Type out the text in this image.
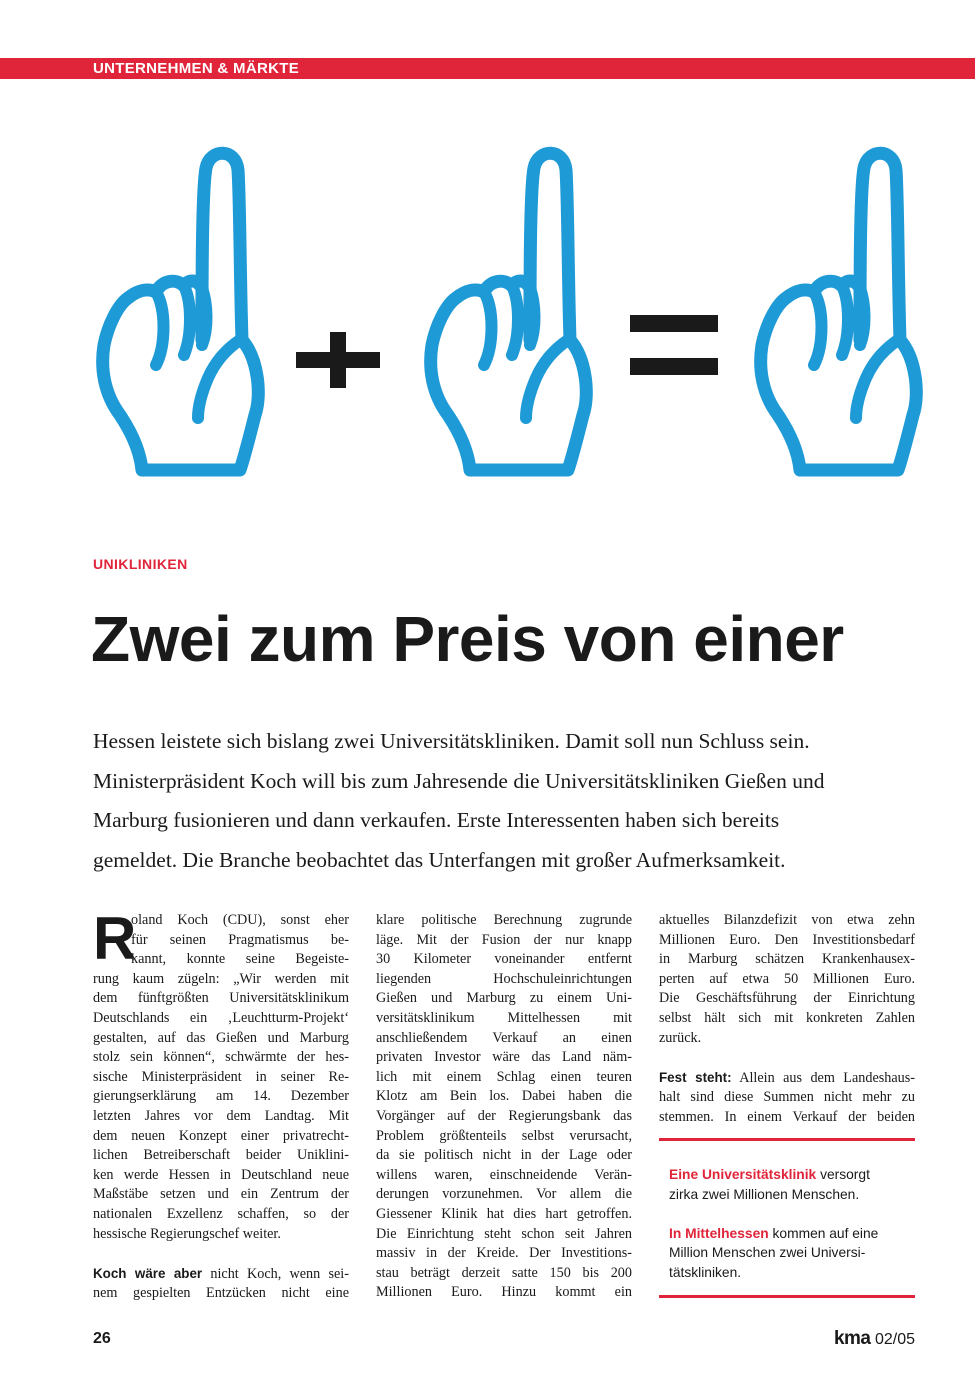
UNTERNEHMEN & MÄRKTE
UNIKLINIKEN
Zwei zum Preis von einer

Hessen leistete sich bislang zwei Universitätskliniken. Damit soll nun Schluss sein.

Ministerpräsident Koch will bis zum Jahresende die Universitätskliniken Gießen und

Marburg fusionieren und dann verkaufen. Erste Interessenten haben sich bereits

gemeldet. Die Branche beobachtet das Unterfangen mit großer Aufmerksamkeit.

R

oland Koch (CDU), sonst eher

für seinen Pragmatismus be-

kannt, konnte seine Begeiste-

rung kaum zügeln: „Wir werden mit

dem fünftgrößten Universitätsklinikum

Deutschlands ein ‚Leuchtturm-Projekt‘

gestalten, auf das Gießen und Marburg

stolz sein können“, schwärmte der hes-

sische Ministerpräsident in seiner Re-

gierungserklärung am 14. Dezember

letzten Jahres vor dem Landtag. Mit

dem neuen Konzept einer privatrecht-

lichen Betreiberschaft beider Uniklini-

ken werde Hessen in Deutschland neue

Maßstäbe setzen und ein Zentrum der

nationalen Exzellenz schaffen, so der

hessische Regierungschef weiter.

Koch wäre aber nicht Koch, wenn sei-

nem gespielten Entzücken nicht eine

klare politische Berechnung zugrunde

läge. Mit der Fusion der nur knapp

30 Kilometer voneinander entfernt

liegenden Hochschuleinrichtungen

Gießen und Marburg zu einem Uni-

versitätsklinikum Mittelhessen mit

anschließendem Verkauf an einen

privaten Investor wäre das Land näm-

lich mit einem Schlag einen teuren

Klotz am Bein los. Dabei haben die

Vorgänger auf der Regierungsbank das

Problem größtenteils selbst verursacht,

da sie politisch nicht in der Lage oder

willens waren, einschneidende Verän-

derungen vorzunehmen. Vor allem die

Giessener Klinik hat dies hart getroffen.

Die Einrichtung steht schon seit Jahren

massiv in der Kreide. Der Investitions-

stau beträgt derzeit satte 150 bis 200

Millionen Euro. Hinzu kommt ein

aktuelles Bilanzdefizit von etwa zehn

Millionen Euro. Den Investitionsbedarf

in Marburg schätzen Krankenhausex-

perten auf etwa 50 Millionen Euro.

Die Geschäftsführung der Einrichtung

selbst hält sich mit konkreten Zahlen

zurück.

Fest steht: Allein aus dem Landeshaus-

halt sind diese Summen nicht mehr zu

stemmen. In einem Verkauf der beiden

Eine Universitätsklinik versorgt

zirka zwei Millionen Menschen.

In Mittelhessen kommen auf eine

Million Menschen zwei Universi-

tätskliniken.

26	kma 02/05
